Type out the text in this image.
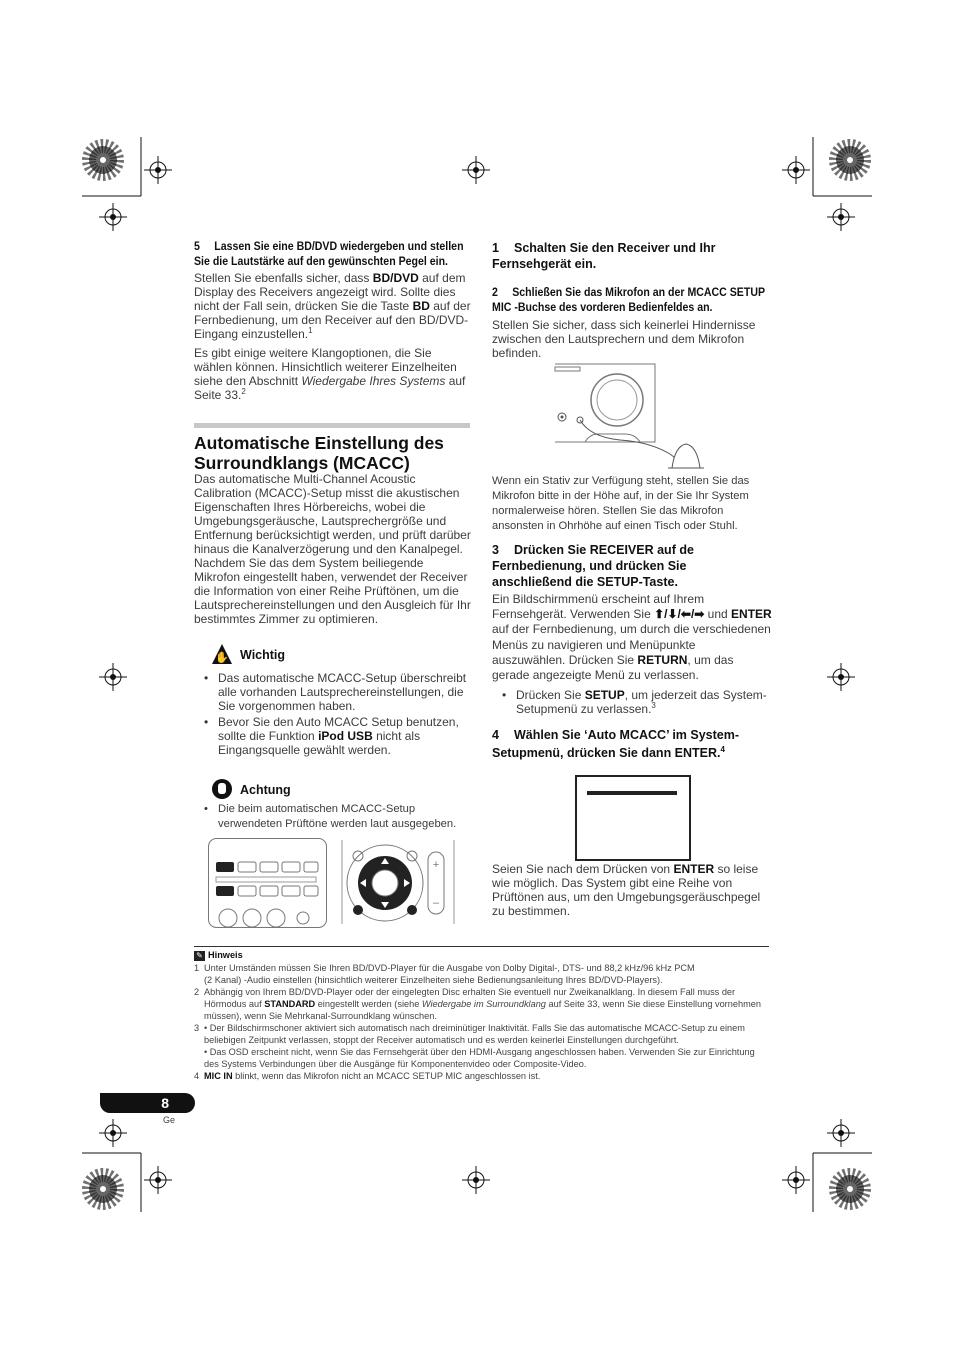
5 Lassen Sie eine BD/DVD wiedergeben und stellen Sie die Lautstärke auf den gewünschten Pegel ein.

Stellen Sie ebenfalls sicher, dass BD/DVD auf dem Display des Receivers angezeigt wird. Sollte dies nicht der Fall sein, drücken Sie die Taste BD auf der Fernbedienung, um den Receiver auf den BD/DVD-Eingang einzustellen.$^1$

Es gibt einige weitere Klangoptionen, die Sie wählen können. Hinsichtlich weiterer Einzelheiten siehe den Abschnitt Wiedergabe Ihres Systems auf Seite 33.$^2$

Automatische Einstellung des Surroundklangs (MCACC)

Das automatische Multi-Channel Acoustic Calibration (MCACC)-Setup misst die akustischen Eigenschaften Ihres Hörbereichs, wobei die Umgebungsgeräusche, Lautsprechergröße und Entfernung berücksichtigt werden, und prüft darüber hinaus die Kanalverzögerung und den Kanalpegel. Nachdem Sie das dem System beiliegende Mikrofon eingestellt haben, verwendet der Receiver die Information von einer Reihe Prüftönen, um die Lautsprechereinstellungen und den Ausgleich für Ihr bestimmtes Zimmer zu optimieren.

✋ Wichtig
• Das automatische MCACC-Setup überschreibt alle vorhanden Lautsprechereinstellungen, die Sie vorgenommen haben.
• Bevor Sie den Auto MCACC Setup benutzen, sollte die Funktion iPod USB nicht als Eingangsquelle gewählt werden.
Achtung
• Die beim automatischen MCACC-Setup verwendeten Prüftöne werden laut ausgegeben.
+
–
1 Schalten Sie den Receiver und Ihr Fernsehgerät ein.
2 Schließen Sie das Mikrofon an der MCACC SETUP MIC -Buchse des vorderen Bedienfeldes an.

Stellen Sie sicher, dass sich keinerlei Hindernisse zwischen den Lautsprechern und dem Mikrofon befinden.

Wenn ein Stativ zur Verfügung steht, stellen Sie das Mikrofon bitte in der Höhe auf, in der Sie Ihr System normalerweise hören. Stellen Sie das Mikrofon ansonsten in Ohrhöhe auf einen Tisch oder Stuhl.

3 Drücken Sie RECEIVER auf de Fernbedienung, und drücken Sie anschließend die SETUP-Taste.

Ein Bildschirmmenü erscheint auf Ihrem Fernsehgerät. Verwenden Sie ⬆/⬇/⬅/➡ und ENTER auf der Fernbedienung, um durch die verschiedenen Menüs zu navigieren und Menüpunkte auszuwählen. Drücken Sie RETURN, um das gerade angezeigte Menü zu verlassen.

• Drücken Sie SETUP, um jederzeit das System-Setupmenü zu verlassen.$^3$
4 Wählen Sie ‘Auto MCACC’ im System-Setupmenü, drücken Sie dann ENTER.$^4$

Seien Sie nach dem Drücken von ENTER so leise wie möglich. Das System gibt eine Reihe von Prüftönen aus, um den Umgebungsgeräuschpegel zu bestimmen.

✎ Hinweis
1 Unter Umständen müssen Sie Ihren BD/DVD-Player für die Ausgabe von Dolby Digital-, DTS- und 88,2 kHz/96 kHz PCM
(2 Kanal) -Audio einstellen (hinsichtlich weiterer Einzelheiten siehe Bedienungsanleitung Ihres BD/DVD-Players).
2 Abhängig von Ihrem BD/DVD-Player oder der eingelegten Disc erhalten Sie eventuell nur Zweikanalklang. In diesem Fall muss der Hörmodus auf STANDARD eingestellt werden (siehe Wiedergabe im Surroundklang auf Seite 33, wenn Sie diese Einstellung vornehmen müssen), wenn Sie Mehrkanal-Surroundklang wünschen.
3 • Der Bildschirmschoner aktiviert sich automatisch nach dreiminütiger Inaktivität. Falls Sie das automatische MCACC-Setup zu einem beliebigen Zeitpunkt verlassen, stoppt der Receiver automatisch und es werden keinerlei Einstellungen durchgeführt.
• Das OSD erscheint nicht, wenn Sie das Fernsehgerät über den HDMI-Ausgang angeschlossen haben. Verwenden Sie zur Einrichtung des Systems Verbindungen über die Ausgänge für Komponentenvideo oder Composite-Video.
4 MIC IN blinkt, wenn das Mikrofon nicht an MCACC SETUP MIC angeschlossen ist.
8
Ge
